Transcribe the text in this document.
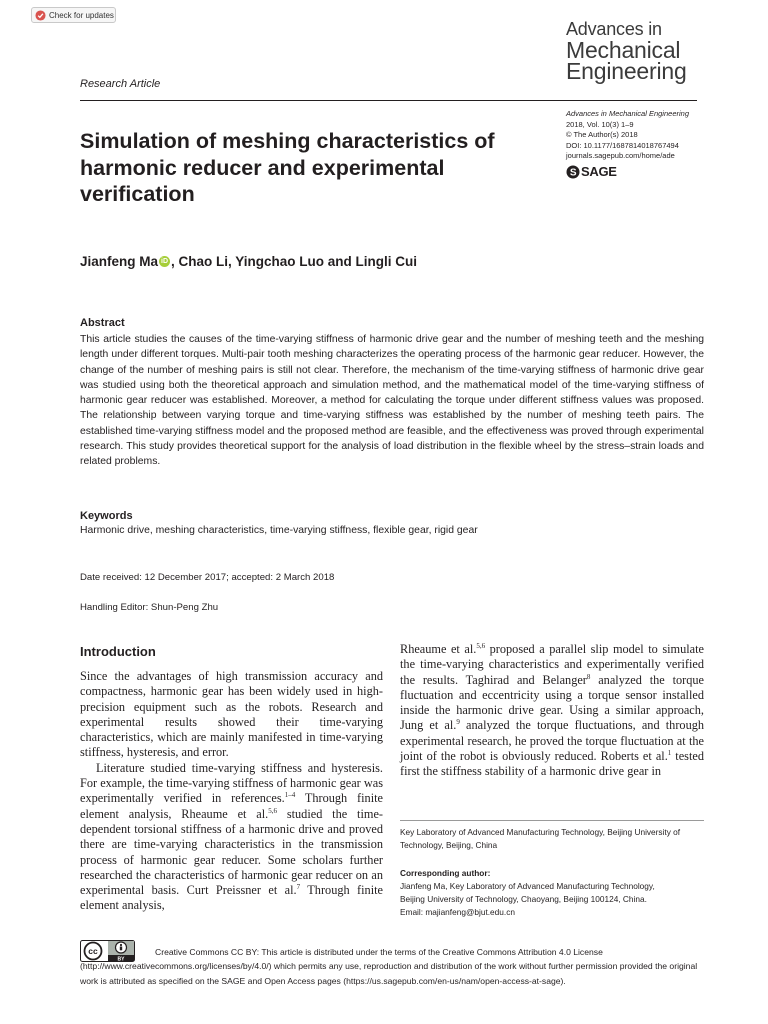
Check for updates
Advances in
Mechanical
Engineering
Research Article
Advances in Mechanical Engineering
2018, Vol. 10(3) 1–9
© The Author(s) 2018
DOI: 10.1177/1687814018767494
journals.sagepub.com/home/ade
S SAGE
Simulation of meshing characteristics of harmonic reducer and experimental verification
Jianfeng Ma iD , Chao Li, Yingchao Luo and Lingli Cui
Abstract

This article studies the causes of the time-varying stiffness of harmonic drive gear and the number of meshing teeth and the meshing length under different torques. Multi-pair tooth meshing characterizes the operating process of the harmonic gear reducer. However, the change of the number of meshing pairs is still not clear. Therefore, the mechanism of the time-varying stiffness of harmonic drive gear was studied using both the theoretical approach and simulation method, and the mathematical model of the time-varying stiffness of harmonic gear reducer was established. Moreover, a method for calculating the torque under different stiffness values was proposed. The relationship between varying torque and time-varying stiffness was established by the number of meshing teeth pairs. The established time-varying stiffness model and the proposed method are feasible, and the effectiveness was proved through experimental research. This study provides theoretical support for the analysis of load distribution in the flexible wheel by the stress–strain loads and related problems.

Keywords
Harmonic drive, meshing characteristics, time-varying stiffness, flexible gear, rigid gear
Date received: 12 December 2017; accepted: 2 March 2018
Handling Editor: Shun-Peng Zhu
Introduction

Since the advantages of high transmission accuracy and compactness, harmonic gear has been widely used in high-precision equipment such as the robots. Research and experimental results showed their time-varying characteristics, which are mainly manifested in time-varying stiffness, hysteresis, and error.

Literature studied time-varying stiffness and hysteresis. For example, the time-varying stiffness of harmonic gear was experimentally verified in references.$^{1-4}$ Through finite element analysis, Rheaume et al.$^{5,6}$ studied the time-dependent torsional stiffness of a harmonic drive and proved there are time-varying characteristics in the transmission process of harmonic gear reducer. Some scholars further researched the characteristics of harmonic gear reducer on an experimental basis. Curt Preissner et al.$^7$ Through finite element analysis,

Rheaume et al.$^{5,6}$ proposed a parallel slip model to simulate the time-varying characteristics and experimentally verified the results. Taghirad and Belanger$^8$ analyzed the torque fluctuation and eccentricity using a torque sensor installed inside the harmonic drive gear. Using a similar approach, Jung et al.$^9$ analyzed the torque fluctuations, and through experimental research, he proved the torque fluctuation at the joint of the robot is obviously reduced. Roberts et al.$^1$ tested first the stiffness stability of a harmonic drive gear in

Key Laboratory of Advanced Manufacturing Technology, Beijing University of Technology, Beijing, China
Corresponding author:
Jianfeng Ma, Key Laboratory of Advanced Manufacturing Technology,
Beijing University of Technology, Chaoyang, Beijing 100124, China.
Email: majianfeng@bjut.edu.cn
cc
BY

Creative Commons CC BY: This article is distributed under the terms of the Creative Commons Attribution 4.0 License (http://www.creativecommons.org/licenses/by/4.0/) which permits any use, reproduction and distribution of the work without further permission provided the original work is attributed as specified on the SAGE and Open Access pages (https://us.sagepub.com/en-us/nam/open-access-at-sage).
